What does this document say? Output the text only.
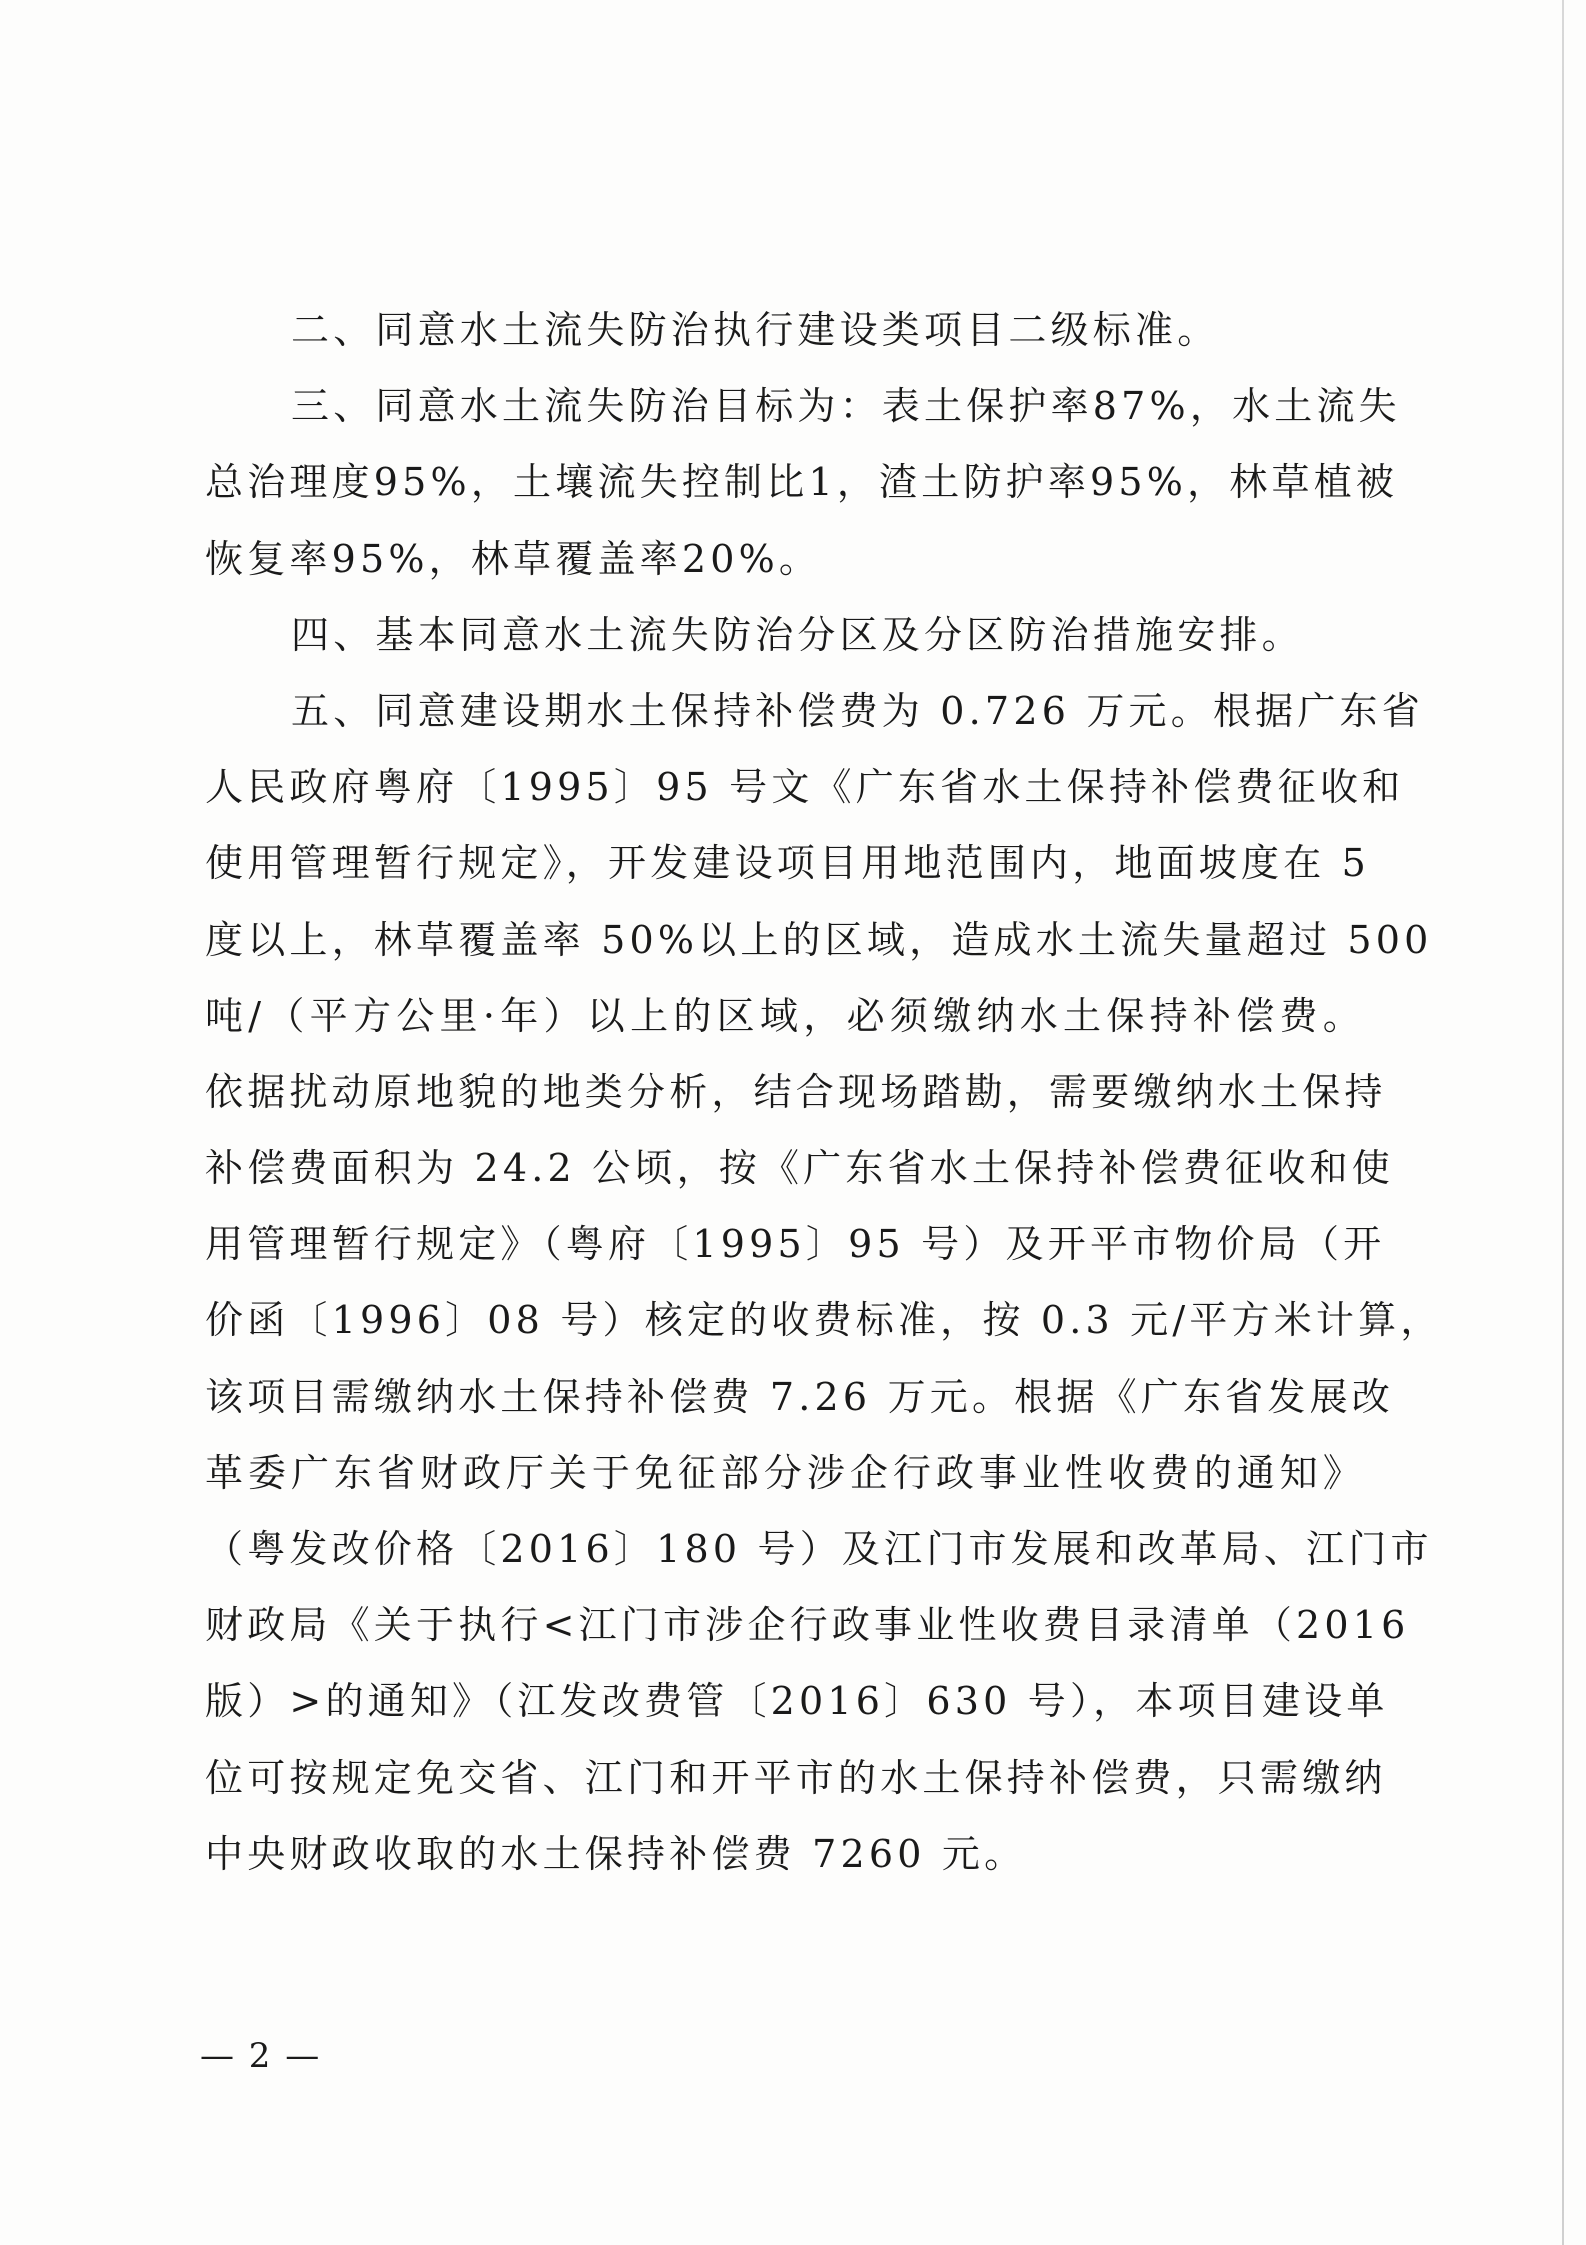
二、同意水土流失防治执行建设类项目二级标准。
三、同意水土流失防治目标为：表土保护率87%，水土流失
总治理度95%，土壤流失控制比1，渣土防护率95%，林草植被
恢复率95%，林草覆盖率20%。
四、基本同意水土流失防治分区及分区防治措施安排。
五、同意建设期水土保持补偿费为 0.726 万元。根据广东省
人民政府粤府〔1995〕95 号文《广东省水土保持补偿费征收和
使用管理暂行规定》，开发建设项目用地范围内，地面坡度在 5
度以上，林草覆盖率 50%以上的区域，造成水土流失量超过 500
吨/（平方公里·年）以上的区域，必须缴纳水土保持补偿费。
依据扰动原地貌的地类分析，结合现场踏勘，需要缴纳水土保持
补偿费面积为 24.2 公顷，按《广东省水土保持补偿费征收和使
用管理暂行规定》（粤府〔1995〕95 号）及开平市物价局（开
价函〔1996〕08 号）核定的收费标准，按 0.3 元/平方米计算，
该项目需缴纳水土保持补偿费 7.26 万元。根据《广东省发展改
革委广东省财政厅关于免征部分涉企行政事业性收费的通知》
（粤发改价格〔2016〕180 号）及江门市发展和改革局、江门市
财政局《关于执行<江门市涉企行政事业性收费目录清单（2016
版）>的通知》（江发改费管〔2016〕630 号），本项目建设单
位可按规定免交省、江门和开平市的水土保持补偿费，只需缴纳
中央财政收取的水土保持补偿费 7260 元。
— 2 —
